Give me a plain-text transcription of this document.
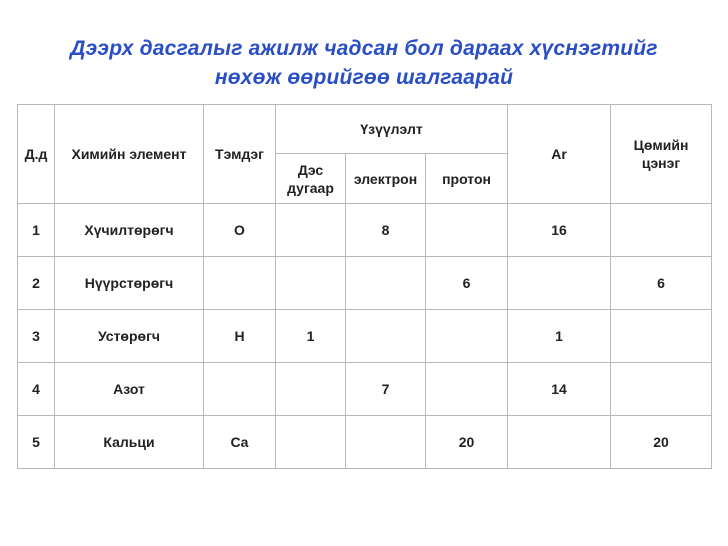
Дээрх дасгалыг ажилж чадсан бол дараах хүснэгтийг
нөхөж өөрийгөө шалгаарай
Д.д	Химийн элемент	Тэмдэг	Үзүүлэлт			Ar	Цөмийн цэнэг
			Дэс дугаар	электрон	протон		
1	Хүчилтөрөгч	O		8		16	
2	Нүүрстөрөгч				6		6
3	Устөрөгч	H	1			1	
4	Азот			7		14	
5	Кальци	Ca			20		20
